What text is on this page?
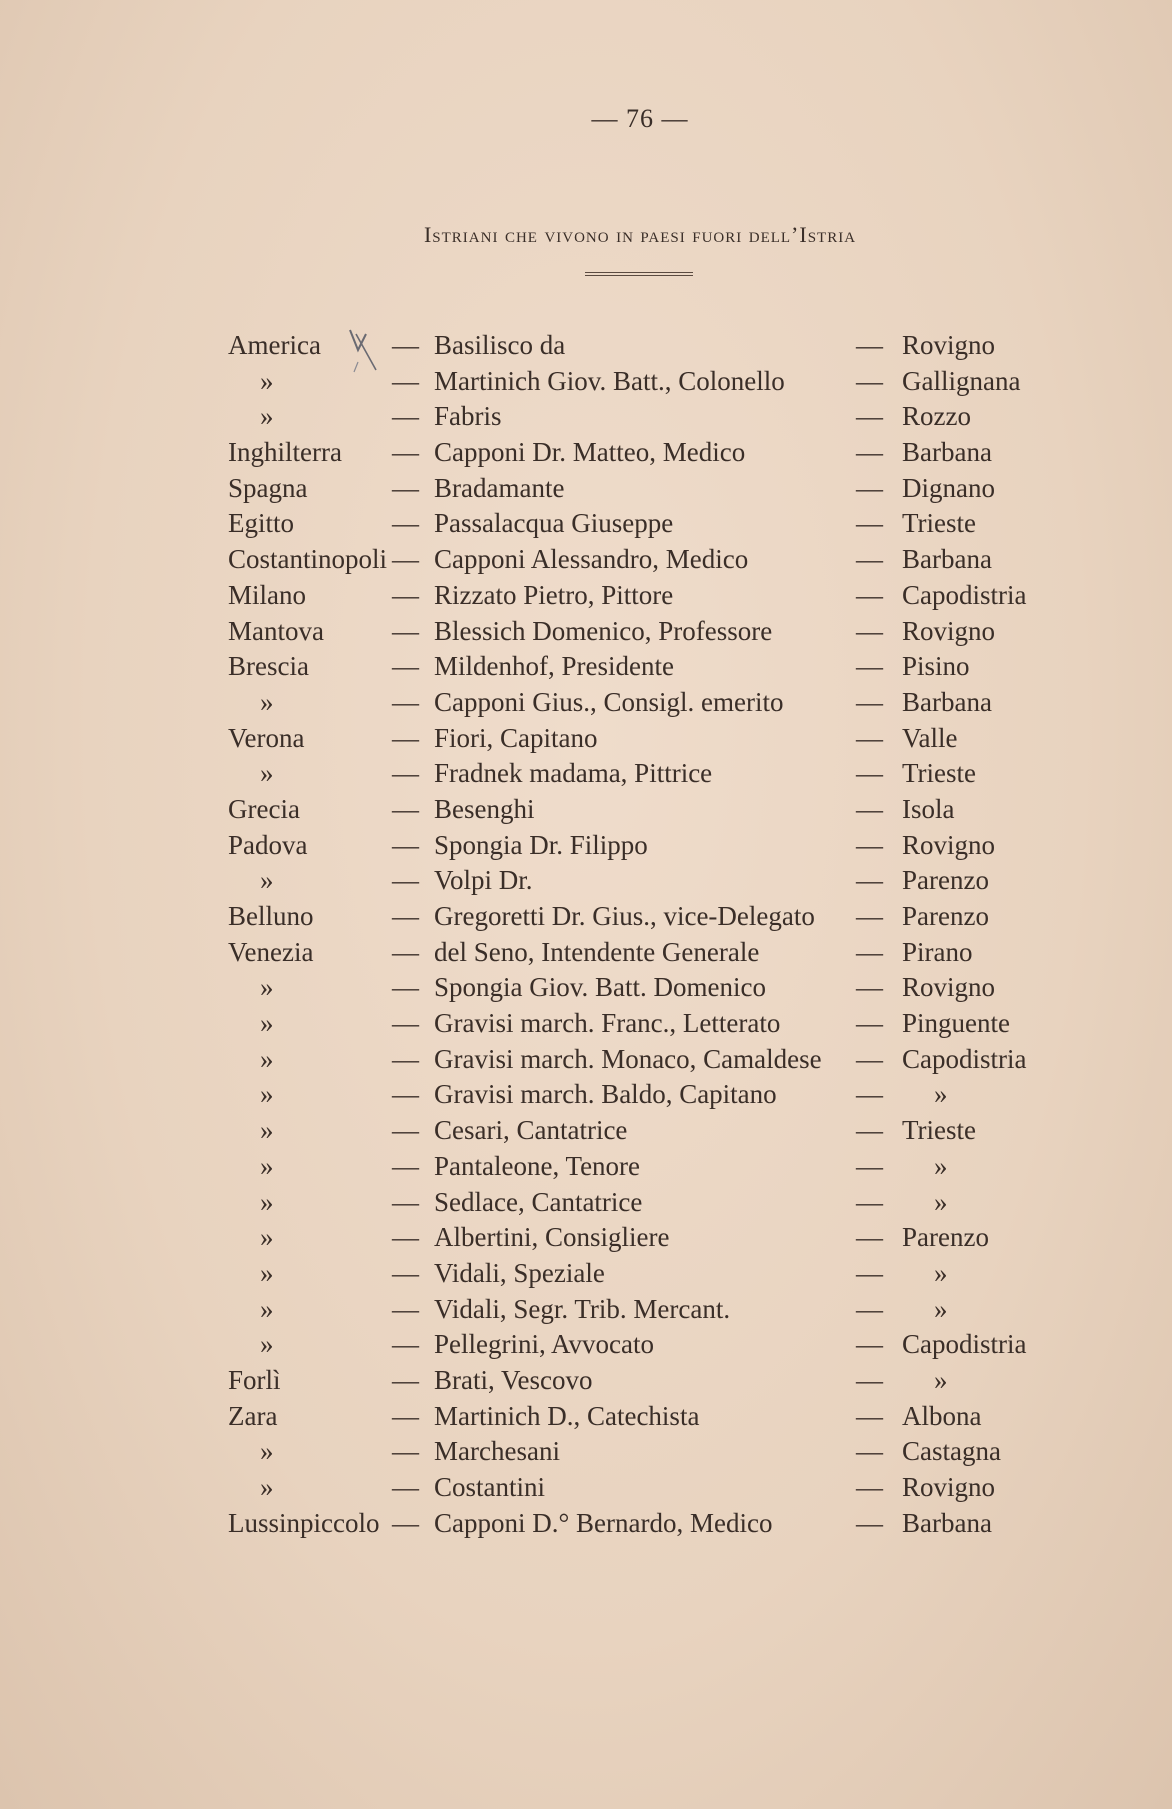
— 76 —
Istriani che vivono in paesi fuori dell’Istria
America	— Basilisco da	— Rovigno
»	— Martinich Giov. Batt., Colonello	— Gallignana
»	— Fabris	— Rozzo
Inghilterra — Capponi Dr. Matteo, Medico	— Barbana
Spagna	— Bradamante	— Dignano
Egitto	— Passalacqua Giuseppe	— Trieste
Costantinopoli — Capponi Alessandro, Medico	— Barbana
Milano	— Rizzato Pietro, Pittore	— Capodistria
Mantova	— Blessich Domenico, Professore	— Rovigno
Brescia	— Mildenhof, Presidente	— Pisino
»	— Capponi Gius., Consigl. emerito	— Barbana
Verona	— Fiori, Capitano	— Valle
»	— Fradnek madama, Pittrice	— Trieste
Grecia	— Besenghi	— Isola
Padova	— Spongia Dr. Filippo	— Rovigno
»	— Volpi Dr.	— Parenzo
Belluno	— Gregoretti Dr. Gius., vice-Delegato — Parenzo
Venezia	— del Seno, Intendente Generale	— Pirano
»	— Spongia Giov. Batt. Domenico	— Rovigno
»	— Gravisi march. Franc., Letterato	— Pinguente
»	— Gravisi march. Monaco, Camaldese — Capodistria
»	— Gravisi march. Baldo, Capitano	— »
»	— Cesari, Cantatrice	— Trieste
»	— Pantaleone, Tenore	— »
»	— Sedlace, Cantatrice	— »
»	— Albertini, Consigliere	— Parenzo
»	— Vidali, Speziale	— »
»	— Vidali, Segr. Trib. Mercant.	— »
»	— Pellegrini, Avvocato	— Capodistria
Forlì	— Brati, Vescovo	— »
Zara	— Martinich D., Catechista	— Albona
»	— Marchesani	— Castagna
»	— Costantini	— Rovigno
Lussinpiccolo — Capponi D.° Bernardo, Medico	— Barbana
